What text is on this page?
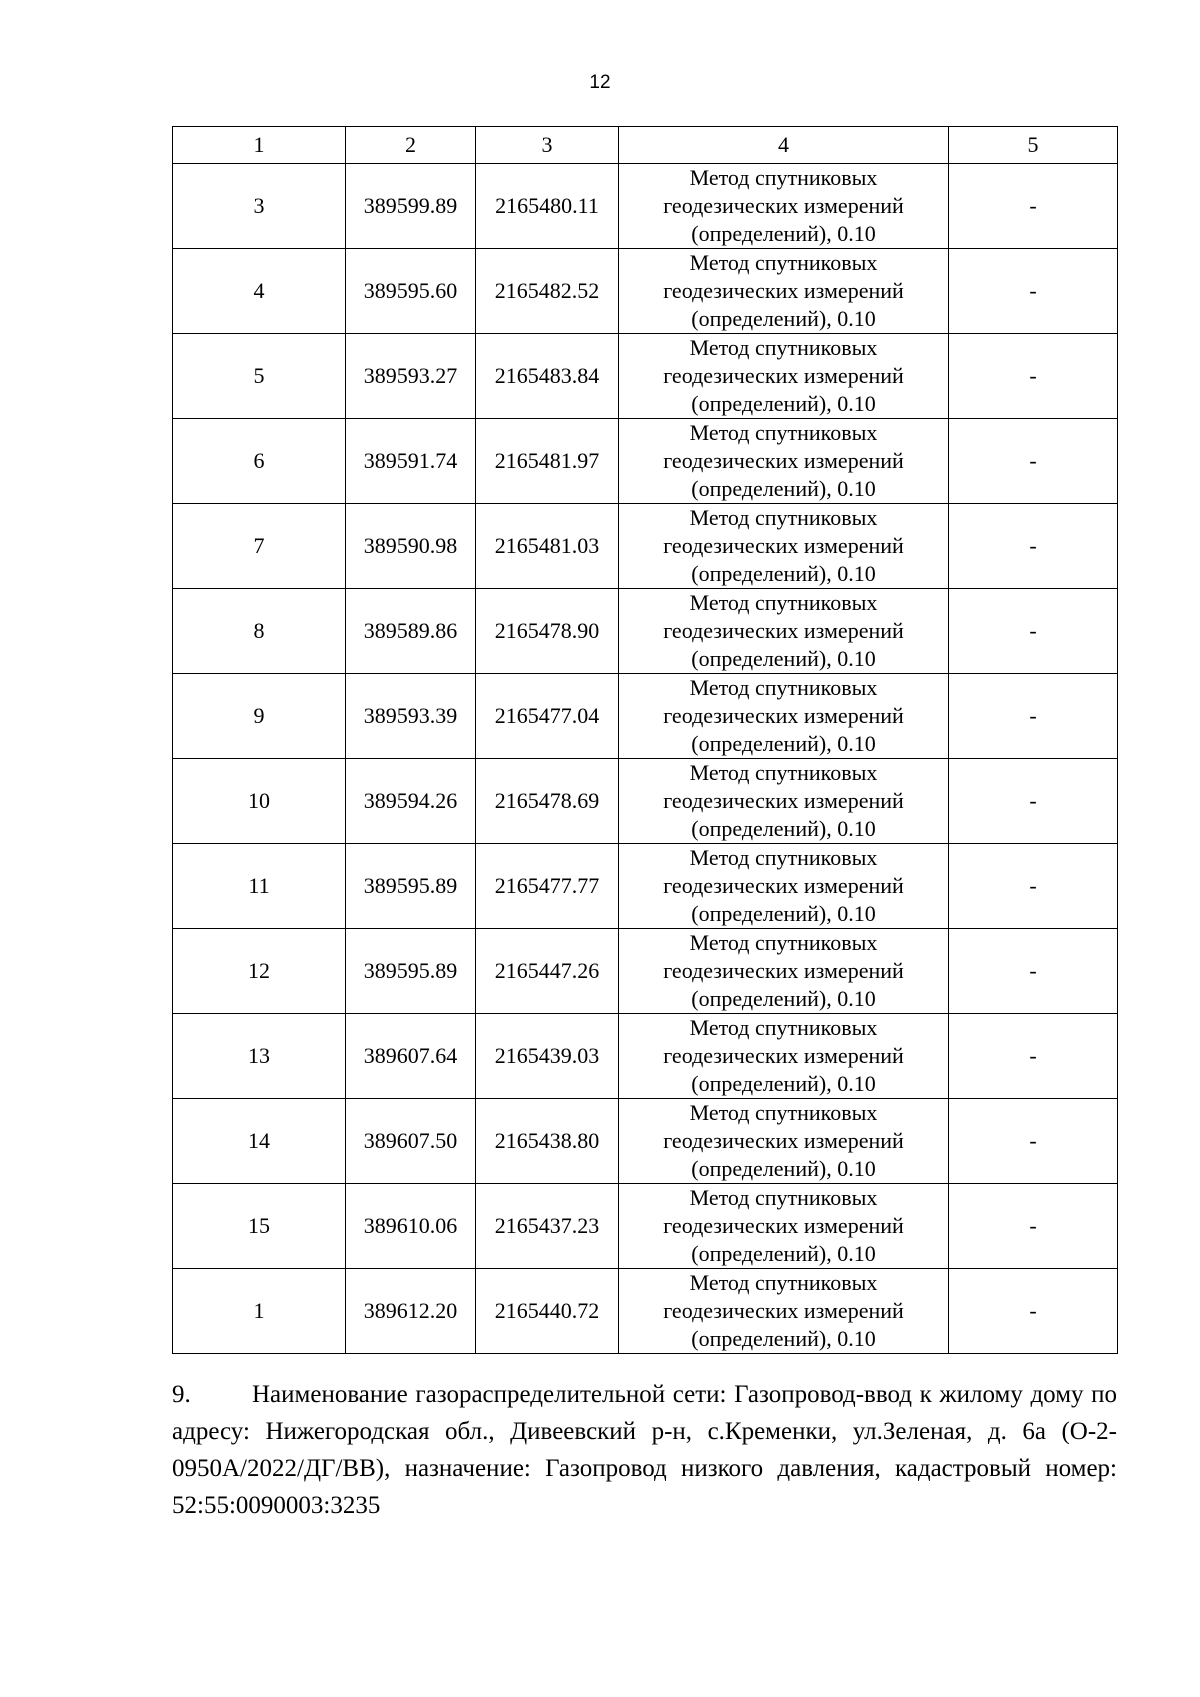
12
1	2	3	4	5
3	389599.89	2165480.11	Метод спутниковых геодезических измерений (определений), 0.10	-
4	389595.60	2165482.52	Метод спутниковых геодезических измерений (определений), 0.10	-
5	389593.27	2165483.84	Метод спутниковых геодезических измерений (определений), 0.10	-
6	389591.74	2165481.97	Метод спутниковых геодезических измерений (определений), 0.10	-
7	389590.98	2165481.03	Метод спутниковых геодезических измерений (определений), 0.10	-
8	389589.86	2165478.90	Метод спутниковых геодезических измерений (определений), 0.10	-
9	389593.39	2165477.04	Метод спутниковых геодезических измерений (определений), 0.10	-
10	389594.26	2165478.69	Метод спутниковых геодезических измерений (определений), 0.10	-
11	389595.89	2165477.77	Метод спутниковых геодезических измерений (определений), 0.10	-
12	389595.89	2165447.26	Метод спутниковых геодезических измерений (определений), 0.10	-
13	389607.64	2165439.03	Метод спутниковых геодезических измерений (определений), 0.10	-
14	389607.50	2165438.80	Метод спутниковых геодезических измерений (определений), 0.10	-
15	389610.06	2165437.23	Метод спутниковых геодезических измерений (определений), 0.10	-
1	389612.20	2165440.72	Метод спутниковых геодезических измерений (определений), 0.10	-

9. Наименование газораспределительной сети: Газопровод-ввод к жилому дому по адресу: Нижегородская обл., Дивеевский р-н, с.Кременки, ул.Зеленая, д. 6а (О-2-0950А/2022/ДГ/ВВ), назначение: Газопровод низкого давления, кадастровый номер: 52:55:0090003:3235
